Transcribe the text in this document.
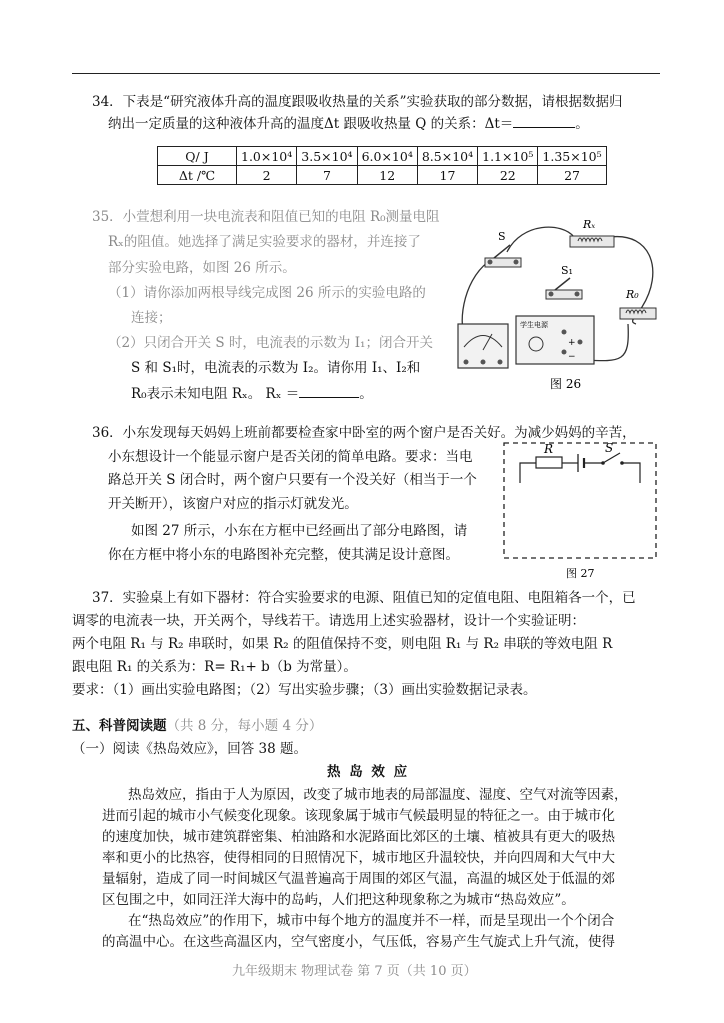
34．下表是“研究液体升高的温度跟吸收热量的关系”实验获取的部分数据，请根据数据归
纳出一定质量的这种液体升高的温度Δt 跟吸收热量 Q 的关系：Δt＝	。
Q/ J	1.0×10⁴	3.5×10⁴	6.0×10⁴	8.5×10⁴	1.1×10⁵	1.35×10⁵
Δt /℃	2	7	12	17	22	27
35．小萱想利用一块电流表和阻值已知的电阻 R₀测量电阻
Rₓ的阻值。她选择了满足实验要求的器材，并连接了
部分实验电路，如图 26 所示。
（1）请你添加两根导线完成图 26 所示的实验电路的
连接；
（2）只闭合开关 S 时，电流表的示数为 I₁；闭合开关
S 和 S₁时，电流表的示数为 I₂。请你用 I₁、I₂和
R₀表示未知电阻 Rₓ。 Rₓ ＝	。
S
Rₓ
S₁
R₀
+
−
学生电源
图 26
36．小东发现每天妈妈上班前都要检查家中卧室的两个窗户是否关好。为减少妈妈的辛苦，
小东想设计一个能显示窗户是否关闭的简单电路。要求：当电
路总开关 S 闭合时，两个窗户只要有一个没关好（相当于一个
开关断开），该窗户对应的指示灯就发光。
如图 27 所示，小东在方框中已经画出了部分电路图，请
你在方框中将小东的电路图补充完整，使其满足设计意图。
R	S
图 27
37．实验桌上有如下器材：符合实验要求的电源、阻值已知的定值电阻、电阻箱各一个，已
调零的电流表一块，开关两个，导线若干。请选用上述实验器材，设计一个实验证明：
两个电阻 R₁ 与 R₂ 串联时，如果 R₂ 的阻值保持不变，则电阻 R₁ 与 R₂ 串联的等效电阻 R
跟电阻 R₁ 的关系为：R= R₁+ b（b 为常量）。
要求：（1）画出实验电路图；（2）写出实验步骤；（3）画出实验数据记录表。
五、科普阅读题（共 8 分，每小题 4 分）
（一）阅读《热岛效应》，回答 38 题。
热 岛 效 应
热岛效应，指由于人为原因，改变了城市地表的局部温度、湿度、空气对流等因素，
进而引起的城市小气候变化现象。该现象属于城市气候最明显的特征之一。由于城市化
的速度加快，城市建筑群密集、柏油路和水泥路面比郊区的土壤、植被具有更大的吸热
率和更小的比热容，使得相同的日照情况下，城市地区升温较快，并向四周和大气中大
量辐射，造成了同一时间城区气温普遍高于周围的郊区气温，高温的城区处于低温的郊
区包围之中，如同汪洋大海中的岛屿，人们把这种现象称之为城市“热岛效应”。
在“热岛效应”的作用下，城市中每个地方的温度并不一样，而是呈现出一个个闭合
的高温中心。在这些高温区内，空气密度小，气压低，容易产生气旋式上升气流，使得
九年级期末 物理试卷 第 7 页（共 10 页）
